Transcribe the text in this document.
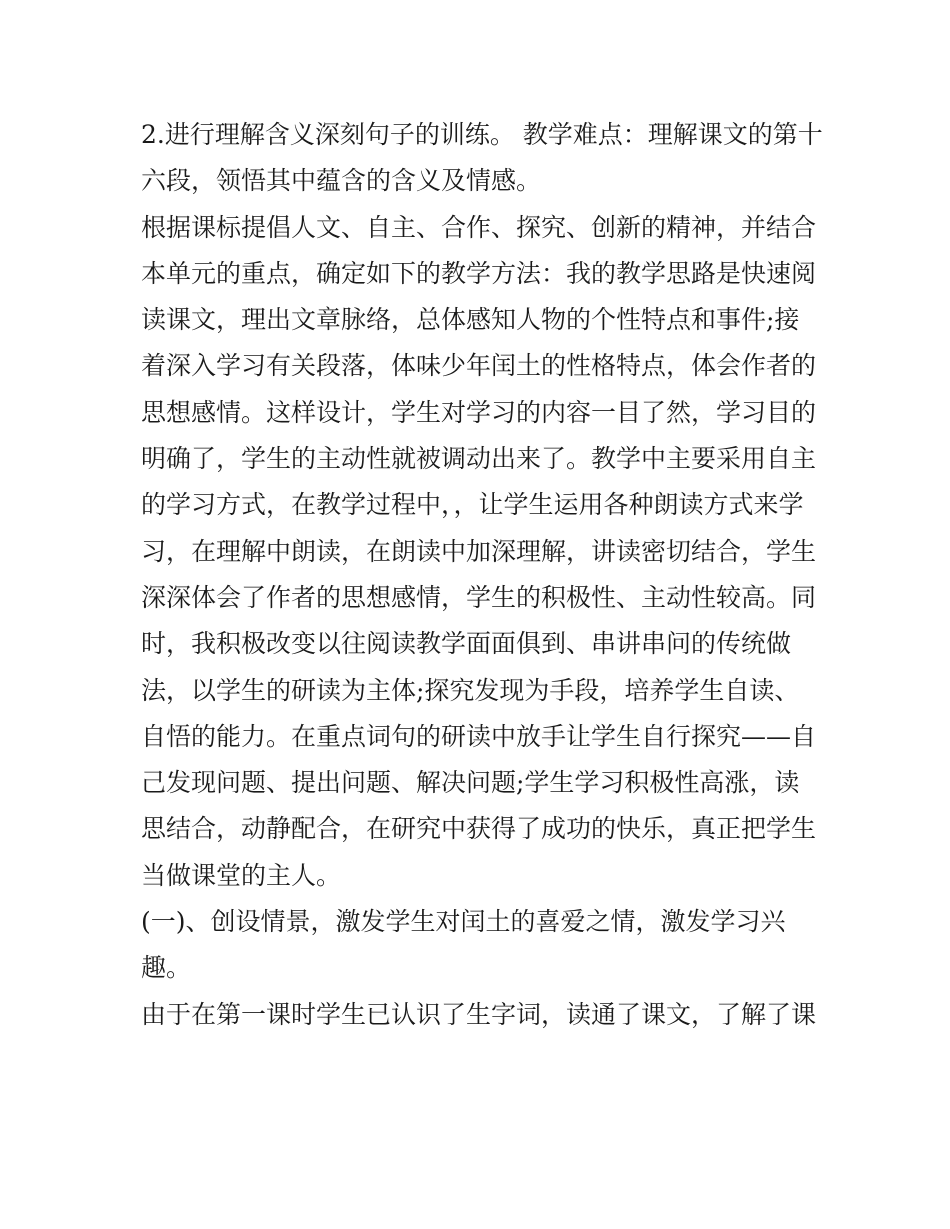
2.进行理解含义深刻句子的训练。 教学难点：理解课文的第十
六段，领悟其中蕴含的含义及情感。
根据课标提倡人文、自主、合作、探究、创新的精神，并结合
本单元的重点，确定如下的教学方法：我的教学思路是快速阅
读课文，理出文章脉络，总体感知人物的个性特点和事件;接
着深入学习有关段落，体味少年闰土的性格特点，体会作者的
思想感情。这样设计，学生对学习的内容一目了然，学习目的
明确了，学生的主动性就被调动出来了。教学中主要采用自主
的学习方式，在教学过程中，，让学生运用各种朗读方式来学
习，在理解中朗读，在朗读中加深理解，讲读密切结合，学生
深深体会了作者的思想感情，学生的积极性、主动性较高。同
时，我积极改变以往阅读教学面面俱到、串讲串问的传统做
法，以学生的研读为主体;探究发现为手段，培养学生自读、
自悟的能力。在重点词句的研读中放手让学生自行探究——自
己发现问题、提出问题、解决问题;学生学习积极性高涨，读
思结合，动静配合，在研究中获得了成功的快乐，真正把学生
当做课堂的主人。
(一)、创设情景，激发学生对闰土的喜爱之情，激发学习兴
趣。
由于在第一课时学生已认识了生字词，读通了课文，了解了课
